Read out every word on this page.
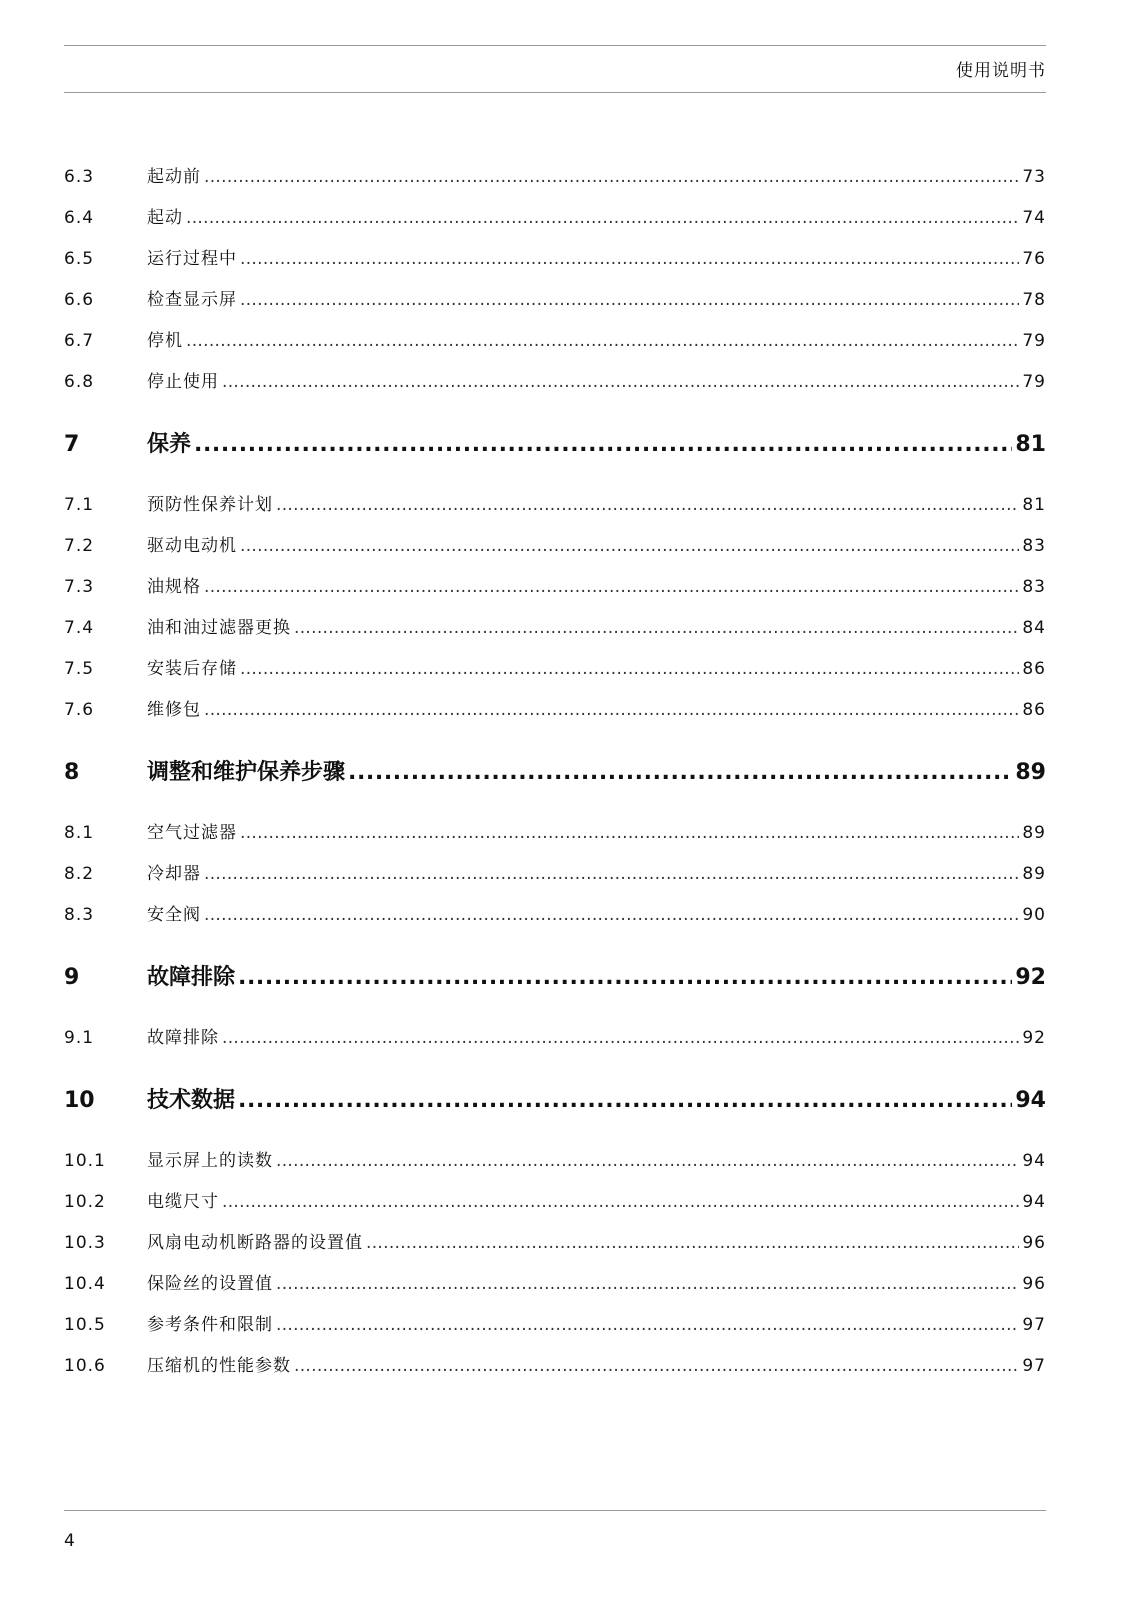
使用说明书
6.3	起动前 .....	73
6.4	起动 .....	74
6.5	运行过程中 .....	76
6.6	检查显示屏 .....	78
6.7	停机 .....	79
6.8	停止使用 .....	79
7	保养 .....	81
7.1	预防性保养计划 .....	81
7.2	驱动电动机 .....	83
7.3	油规格 .....	83
7.4	油和油过滤器更换 .....	84
7.5	安装后存储 .....	86
7.6	维修包 .....	86
8	调整和维护保养步骤 .....	89
8.1	空气过滤器 .....	89
8.2	冷却器 .....	89
8.3	安全阀 .....	90
9	故障排除 .....	92
9.1	故障排除 .....	92
10	技术数据 .....	94
10.1	显示屏上的读数 .....	94
10.2	电缆尺寸 .....	94
10.3	风扇电动机断路器的设置值 .....	96
10.4	保险丝的设置值 .....	96
10.5	参考条件和限制 .....	97
10.6	压缩机的性能参数 .....	97
4
